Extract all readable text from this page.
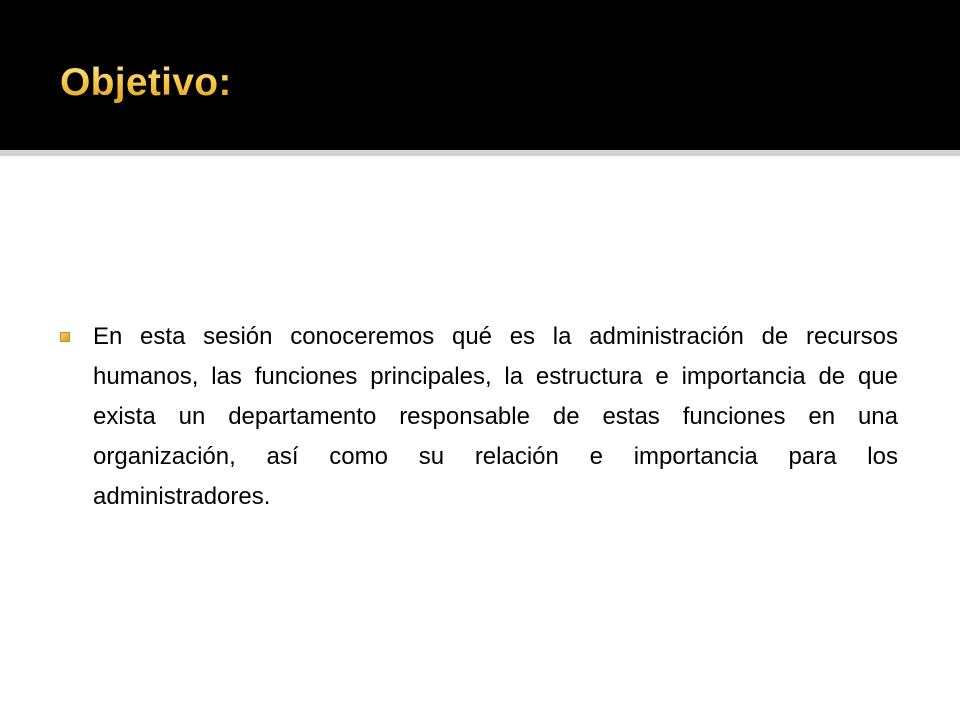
Objetivo:
En esta sesión conoceremos qué es la administración de recursos humanos, las funciones principales, la estructura e importancia de que exista un departamento responsable de estas funciones en una organización, así como su relación e importancia para los administradores.
